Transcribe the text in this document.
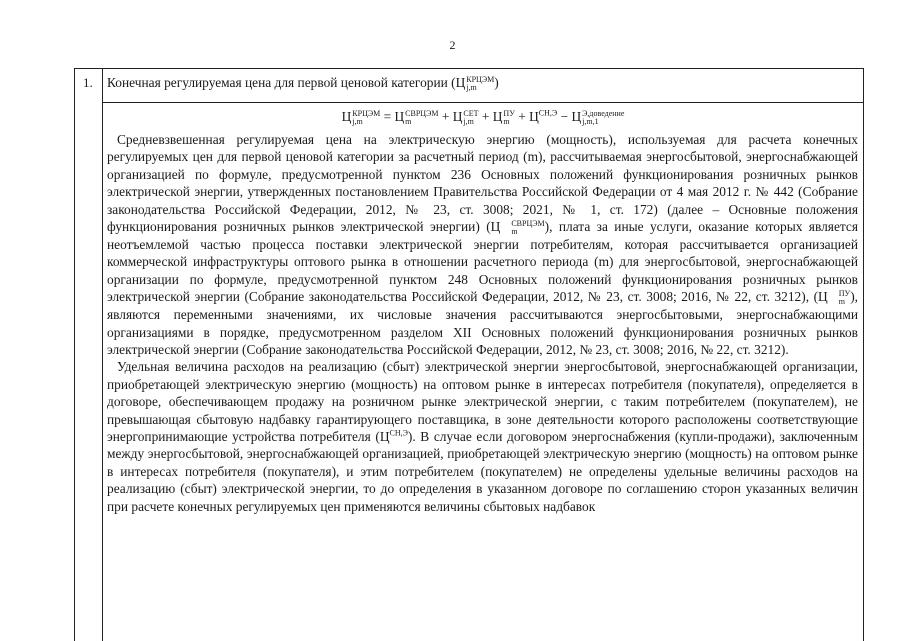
2
1. Конечная регулируемая цена для первой ценовой категории (Ц КРЦЭМ
j,m	)
Ц КРЦЭМ
j,m	= Ц СВРЦЭМ
m	+ Ц СЕТ
j,m + Ц ПУ
$m + Ц^{СН,Э} - Ц$ Э,доведение
j,m,1

Средневзвешенная регулируемая цена на электрическую энергию (мощность), используемая для расчета конечных регулируемых цен для первой ценовой категории за расчетный период (m), рассчитываемая энергосбытовой, энергоснабжающей организацией по формуле, предусмотренной пунктом 236 Основных положений функционирования розничных рынков электрической энергии, утвержденных постановлением Правительства Российской Федерации от 4 мая 2012 г. № 442 (Собрание законодательства Российской Федерации, 2012, № 23, ст. 3008; 2021, № 1, ст. 172) (далее – Основные положения функционирования розничных рынков электрической энергии) (Ц	СВРЦЭМ
m	), плата за иные услуги, оказание которых является неотъемлемой частью процесса поставки электрической энергии потребителям, которая рассчитывается организацией коммерческой инфраструктуры оптового рынка в отношении расчетного периода (m) для энергосбытовой, энергоснабжающей организации по формуле, предусмотренной пунктом 248 Основных положений функционирования розничных рынков электрической энергии (Собрание законодательства Российской Федерации, 2012, № 23, ст. 3008; 2016, № 22, ст. 3212), (Ц	ПУ
m ), являются переменными значениями, их числовые значения рассчитываются энергосбытовыми, энергоснабжающими организациями в порядке, предусмотренном разделом XII Основных положений функционирования розничных рынков электрической энергии (Собрание законодательства Российской Федерации, 2012, № 23, ст. 3008; 2016, № 22, ст. 3212).

Удельная величина расходов на реализацию (сбыт) электрической энергии энергосбытовой, энергоснабжающей организации, приобретающей электрическую энергию (мощность) на оптовом рынке в интересах потребителя (покупателя), определяется в договоре, обеспечивающем продажу на розничном рынке электрической энергии, с таким потребителем (покупателем), не превышающая сбытовую надбавку гарантирующего поставщика, в зоне деятельности которого расположены соответствующие энергопринимающие устройства потребителя $(Ц^{СН,Э})$. В случае если договором энергоснабжения (купли-продажи), заключенным между энергосбытовой, энергоснабжающей организацией, приобретающей электрическую энергию (мощность) на оптовом рынке в интересах потребителя (покупателя), и этим потребителем (покупателем) не определены удельные величины расходов на реализацию (сбыт) электрической энергии, то до определения в указанном договоре по соглашению сторон указанных величин при расчете конечных регулируемых цен применяются величины сбытовых надбавок
